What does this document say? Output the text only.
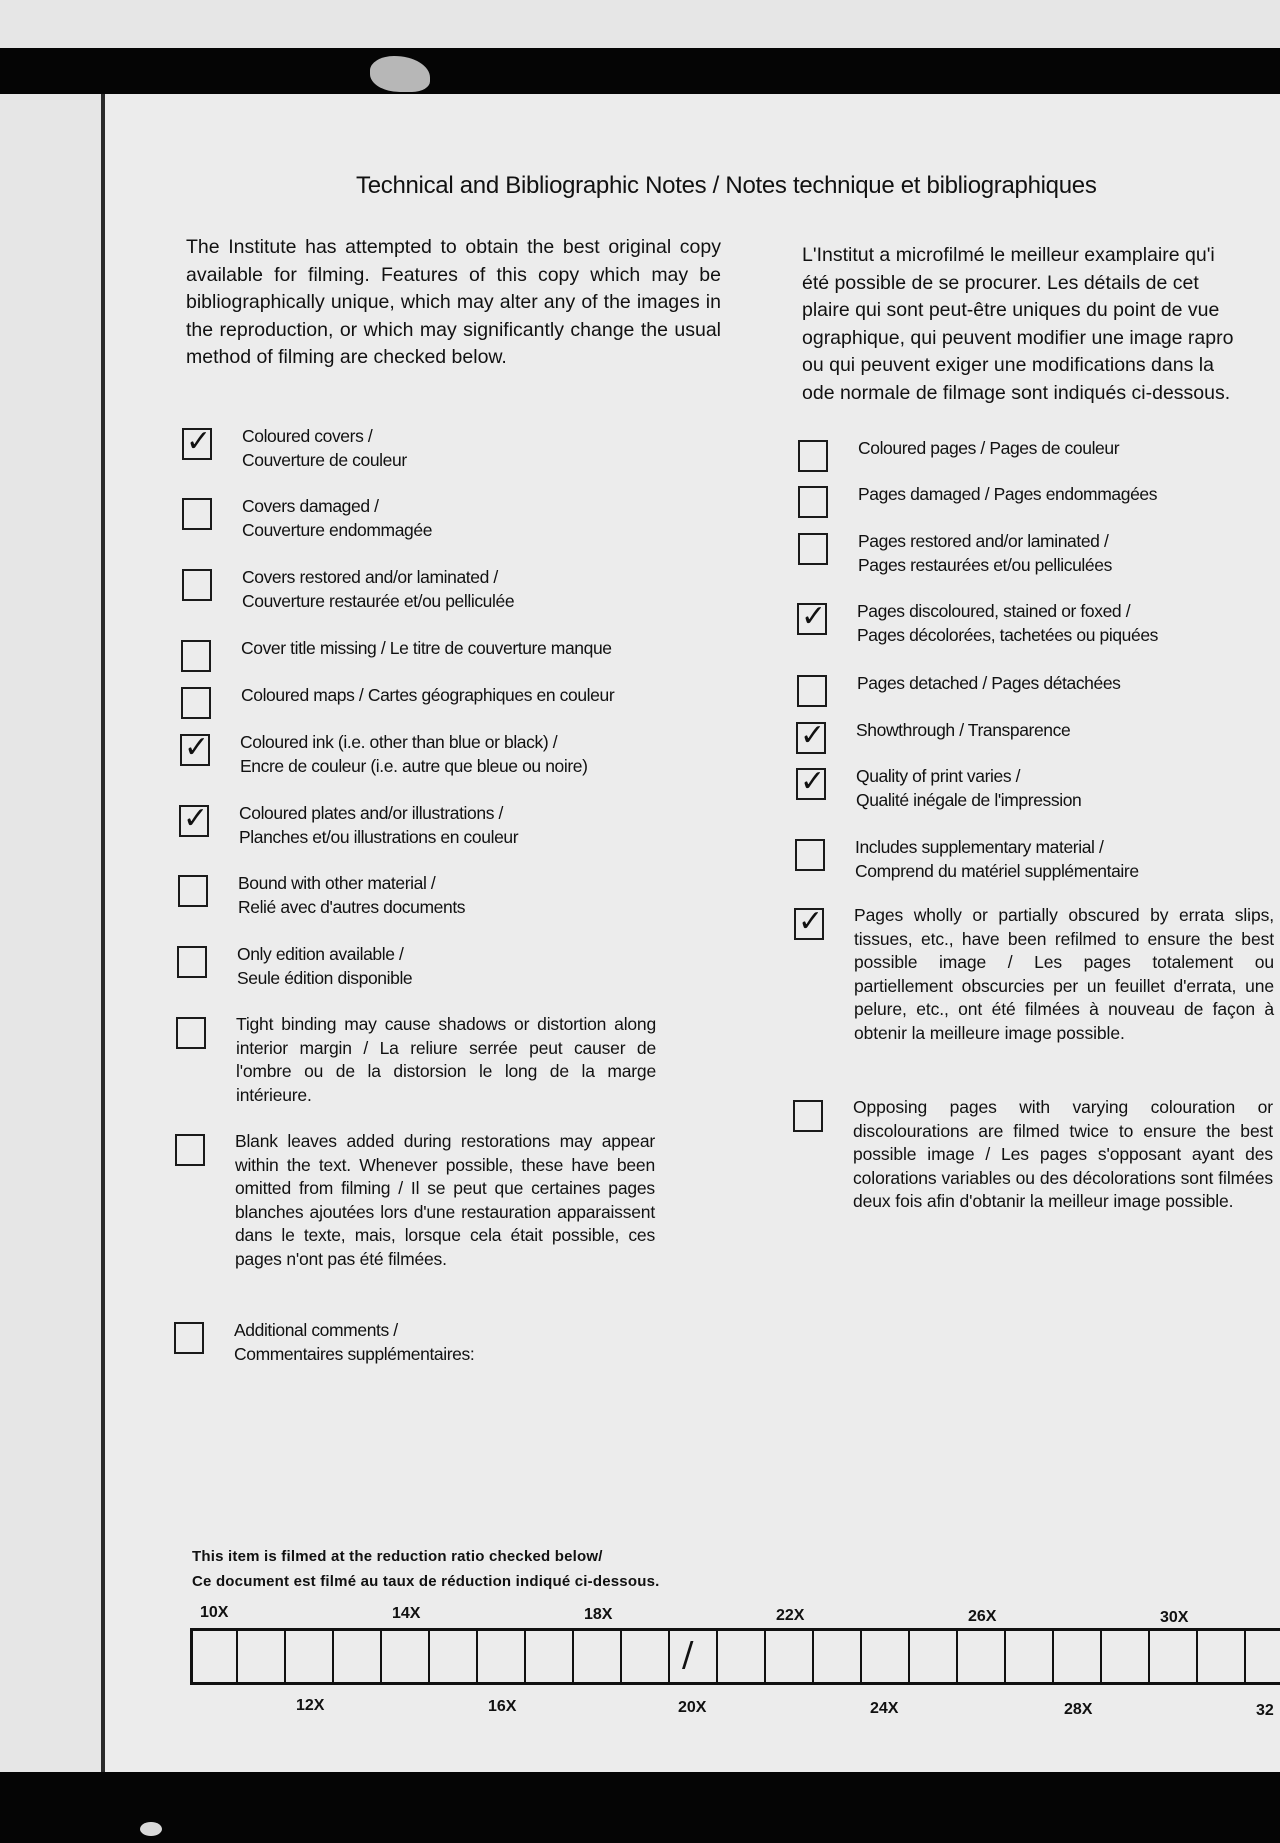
Technical and Bibliographic Notes / Notes technique et bibliographiques
The Institute has attempted to obtain the best original copy available for filming. Features of this copy which may be bibliographically unique, which may alter any of the images in the reproduction, or which may significantly change the usual method of filming are checked below.
L'Institut a microfilmé le meilleur examplaire qu'i
été possible de se procurer. Les détails de cet
plaire qui sont peut-être uniques du point de vue
ographique, qui peuvent modifier une image rapro
ou qui peuvent exiger une modifications dans la
ode normale de filmage sont indiqués ci-dessous.
✓ Coloured covers /
Couverture de couleur
Covers damaged /
Couverture endommagée
Covers restored and/or laminated /
Couverture restaurée et/ou pelliculée
Cover title missing / Le titre de couverture manque
Coloured maps / Cartes géographiques en couleur
✓ Coloured ink (i.e. other than blue or black) /
Encre de couleur (i.e. autre que bleue ou noire)
✓ Coloured plates and/or illustrations /
Planches et/ou illustrations en couleur
Bound with other material /
Relié avec d'autres documents
Only edition available /
Seule édition disponible
Tight binding may cause shadows or distortion along interior margin / La reliure serrée peut causer de l'ombre ou de la distorsion le long de la marge intérieure.
Blank leaves added during restorations may appear within the text. Whenever possible, these have been omitted from filming / Il se peut que certaines pages blanches ajoutées lors d'une restauration apparaissent dans le texte, mais, lorsque cela était possible, ces pages n'ont pas été filmées.
Additional comments /
Commentaires supplémentaires:
Coloured pages / Pages de couleur
Pages damaged / Pages endommagées
Pages restored and/or laminated /
Pages restaurées et/ou pelliculées
✓ Pages discoloured, stained or foxed /
Pages décolorées, tachetées ou piquées
Pages detached / Pages détachées
✓ Showthrough / Transparence
✓ Quality of print varies /
Qualité inégale de l'impression
Includes supplementary material /
Comprend du matériel supplémentaire
✓ Pages wholly or partially obscured by errata slips, tissues, etc., have been refilmed to ensure the best possible image / Les pages totalement ou partiellement obscurcies per un feuillet d'errata, une pelure, etc., ont été filmées à nouveau de façon à obtenir la meilleure image possible.
Opposing pages with varying colouration or discolourations are filmed twice to ensure the best possible image / Les pages s'opposant ayant des colorations variables ou des décolorations sont filmées deux fois afin d'obtanir la meilleur image possible.
This item is filmed at the reduction ratio checked below/
Ce document est filmé au taux de réduction indiqué ci-dessous.
10X	14X	18X	22X	26X	30X
/
12X	16X	20X	24X	28X	32
